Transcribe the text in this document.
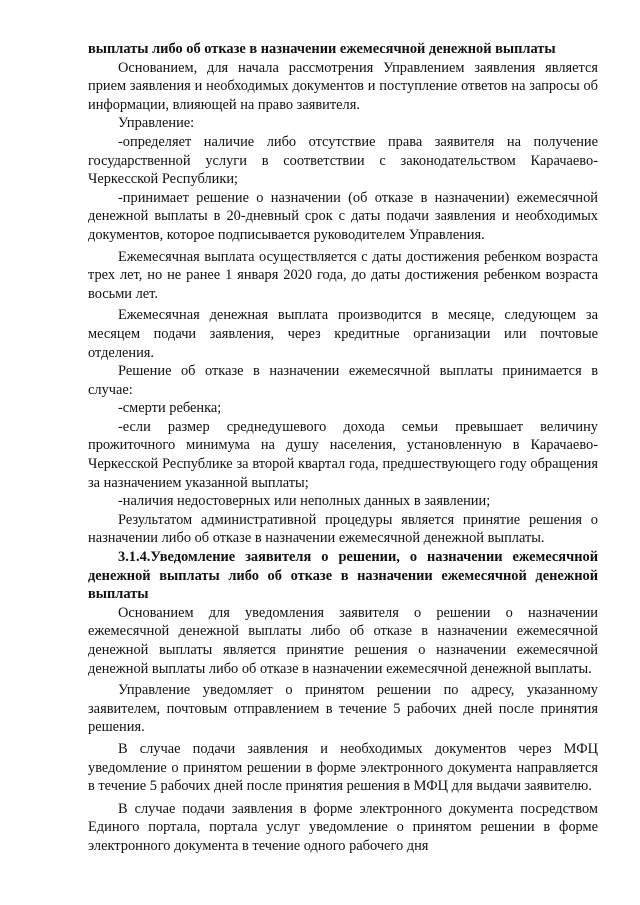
выплаты либо об отказе в назначении ежемесячной денежной выплаты

Основанием, для начала рассмотрения Управлением заявления является прием заявления и необходимых документов и поступление ответов на запросы об информации, влияющей на право заявителя.

Управление:

-определяет наличие либо отсутствие права заявителя на получение государственной услуги в соответствии с законодательством Карачаево-Черкесской Республики;

-принимает решение о назначении (об отказе в назначении) ежемесячной денежной выплаты в 20-дневный срок с даты подачи заявления и необходимых документов, которое подписывается руководителем Управления.

Ежемесячная выплата осуществляется с даты достижения ребенком возраста трех лет, но не ранее 1 января 2020 года, до даты достижения ребенком возраста восьми лет.

Ежемесячная денежная выплата производится в месяце, следующем за месяцем подачи заявления, через кредитные организации или почтовые отделения.

Решение об отказе в назначении ежемесячной выплаты принимается в случае:

-смерти ребенка;

-если размер среднедушевого дохода семьи превышает величину прожиточного минимума на душу населения, установленную в Карачаево-Черкесской Республике за второй квартал года, предшествующего году обращения за назначением указанной выплаты;

-наличия недостоверных или неполных данных в заявлении;

Результатом административной процедуры является принятие решения о назначении либо об отказе в назначении ежемесячной денежной выплаты.

3.1.4.Уведомление заявителя о решении, о назначении ежемесячной денежной выплаты либо об отказе в назначении ежемесячной денежной выплаты

Основанием для уведомления заявителя о решении о назначении ежемесячной денежной выплаты либо об отказе в назначении ежемесячной денежной выплаты является принятие решения о назначении ежемесячной денежной выплаты либо об отказе в назначении ежемесячной денежной выплаты.

Управление уведомляет о принятом решении по адресу, указанному заявителем, почтовым отправлением в течение 5 рабочих дней после принятия решения.

В случае подачи заявления и необходимых документов через МФЦ уведомление о принятом решении в форме электронного документа направляется в течение 5 рабочих дней после принятия решения в МФЦ для выдачи заявителю.

В случае подачи заявления в форме электронного документа посредством Единого портала, портала услуг уведомление о принятом решении в форме электронного документа в течение одного рабочего дня
